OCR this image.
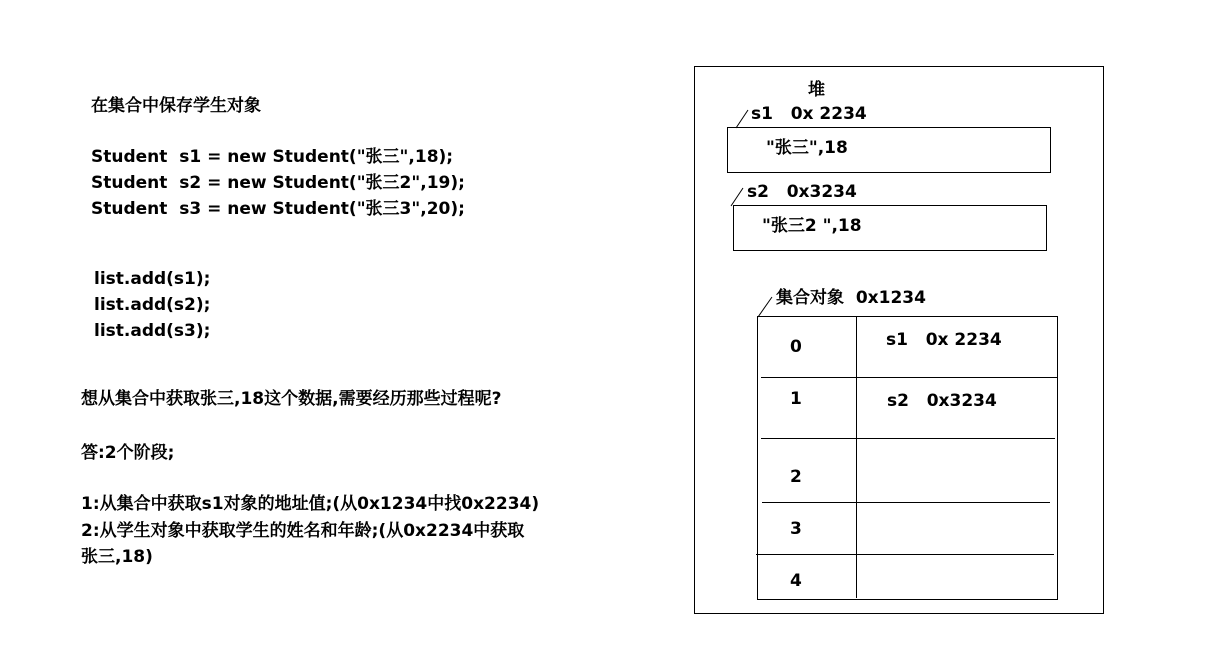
在集合中保存学生对象
Student  s1 = new Student("张三",18);
Student  s2 = new Student("张三2",19);
Student  s3 = new Student("张三3",20);
list.add(s1);
list.add(s2);
list.add(s3);
想从集合中获取张三,18这个数据,需要经历那些过程呢?
答:2个阶段;
1:从集合中获取s1对象的地址值;(从0x1234中找0x2234)
2:从学生对象中获取学生的姓名和年龄;(从0x2234中获取
张三,18)
堆
s1   0x 2234
"张三",18
s2   0x3234
"张三2 ",18
集合对象  0x1234
0	s1   0x 2234
1	s2   0x3234
2
3
4
